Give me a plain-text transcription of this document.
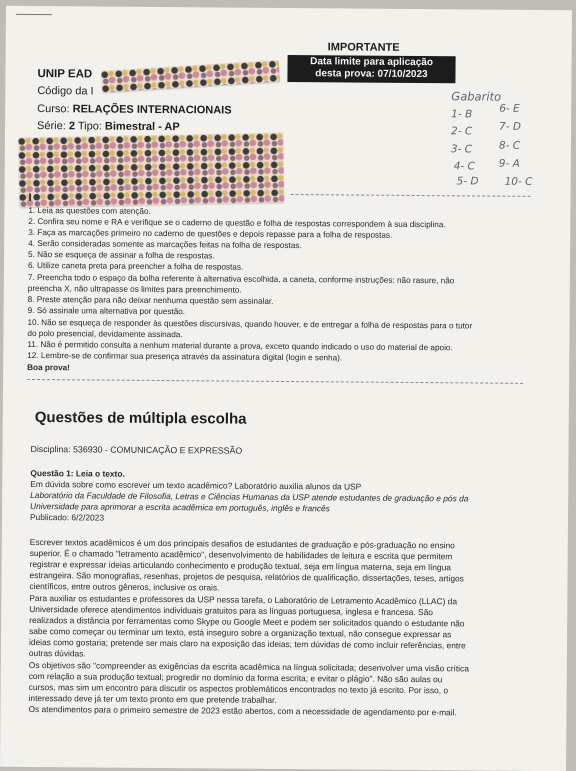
IMPORTANTE
Data limite para aplicação
desta prova: 07/10/2023
UNIP EAD
Código da I
Curso: RELAÇÕES INTERNACIONAIS
Série: 2 Tipo: Bimestral - AP
Gabarito
1- B	6- E
2- C	7- D
3- C	8- C
4- C 9- A
5- D 10- C
I
1. Leia as questões com atenção.
2. Confira seu nome e RA e verifique se o caderno de questão e folha de respostas correspondem à sua disciplina.
3. Faça as marcações primeiro no caderno de questões e depois repasse para a folha de respostas.
4. Serão consideradas somente as marcações feitas na folha de respostas.
5. Não se esqueça de assinar a folha de respostas.
6. Utilize caneta preta para preencher a folha de respostas.
7. Preencha todo o espaço da bolha referente à alternativa escolhida, a caneta, conforme instruções: não rasure, não
preencha X, não ultrapasse os limites para preenchimento.
8. Preste atenção para não deixar nenhuma questão sem assinalar.
9. Só assinale uma alternativa por questão.
10. Não se esqueça de responder às questões discursivas, quando houver, e de entregar a folha de respostas para o tutor
do polo presencial, devidamente assinada.
11. Não é permitido consulta a nenhum material durante a prova, exceto quando indicado o uso do material de apoio.
12. Lembre-se de confirmar sua presença através da assinatura digital (login e senha).
Boa prova!
Questões de múltipla escolha
Disciplina: 536930 - COMUNICAÇÃO E EXPRESSÃO
Questão 1: Leia o texto.
Em dúvida sobre como escrever um texto acadêmico? Laboratório auxilia alunos da USP
Laboratório da Faculdade de Filosofia, Letras e Ciências Humanas da USP atende estudantes de graduação e pós da
Universidade para aprimorar a escrita acadêmica em português, inglês e francês
Publicado: 6/2/2023
Escrever textos acadêmicos é um dos principais desafios de estudantes de graduação e pós-graduação no ensino
superior. É o chamado "letramento acadêmico", desenvolvimento de habilidades de leitura e escrita que permitem
registrar e expressar ideias articulando conhecimento e produção textual, seja em língua materna, seja em língua
estrangeira. São monografias, resenhas, projetos de pesquisa, relatórios de qualificação, dissertações, teses, artigos
científicos, entre outros gêneros, inclusive os orais.
Para auxiliar os estudantes e professores da USP nessa tarefa, o Laboratório de Letramento Acadêmico (LLAC) da
Universidade oferece atendimentos individuais gratuitos para as línguas portuguesa, inglesa e francesa. São
realizados a distância por ferramentas como Skype ou Google Meet e podem ser solicitados quando o estudante não
sabe como começar ou terminar um texto, está inseguro sobre a organização textual, não consegue expressar as
ideias como gostaria; pretende ser mais claro na exposição das ideias; tem dúvidas de como incluir referências, entre
outras dúvidas.
Os objetivos são "compreender as exigências da escrita acadêmica na língua solicitada; desenvolver uma visão crítica
com relação a sua produção textual; progredir no domínio da forma escrita; e evitar o plágio". Não são aulas ou
cursos, mas sim um encontro para discutir os aspectos problemáticos encontrados no texto já escrito. Por isso, o
interessado deve já ter um texto pronto em que pretende trabalhar.
Os atendimentos para o primeiro semestre de 2023 estão abertos, com a necessidade de agendamento por e-mail.
